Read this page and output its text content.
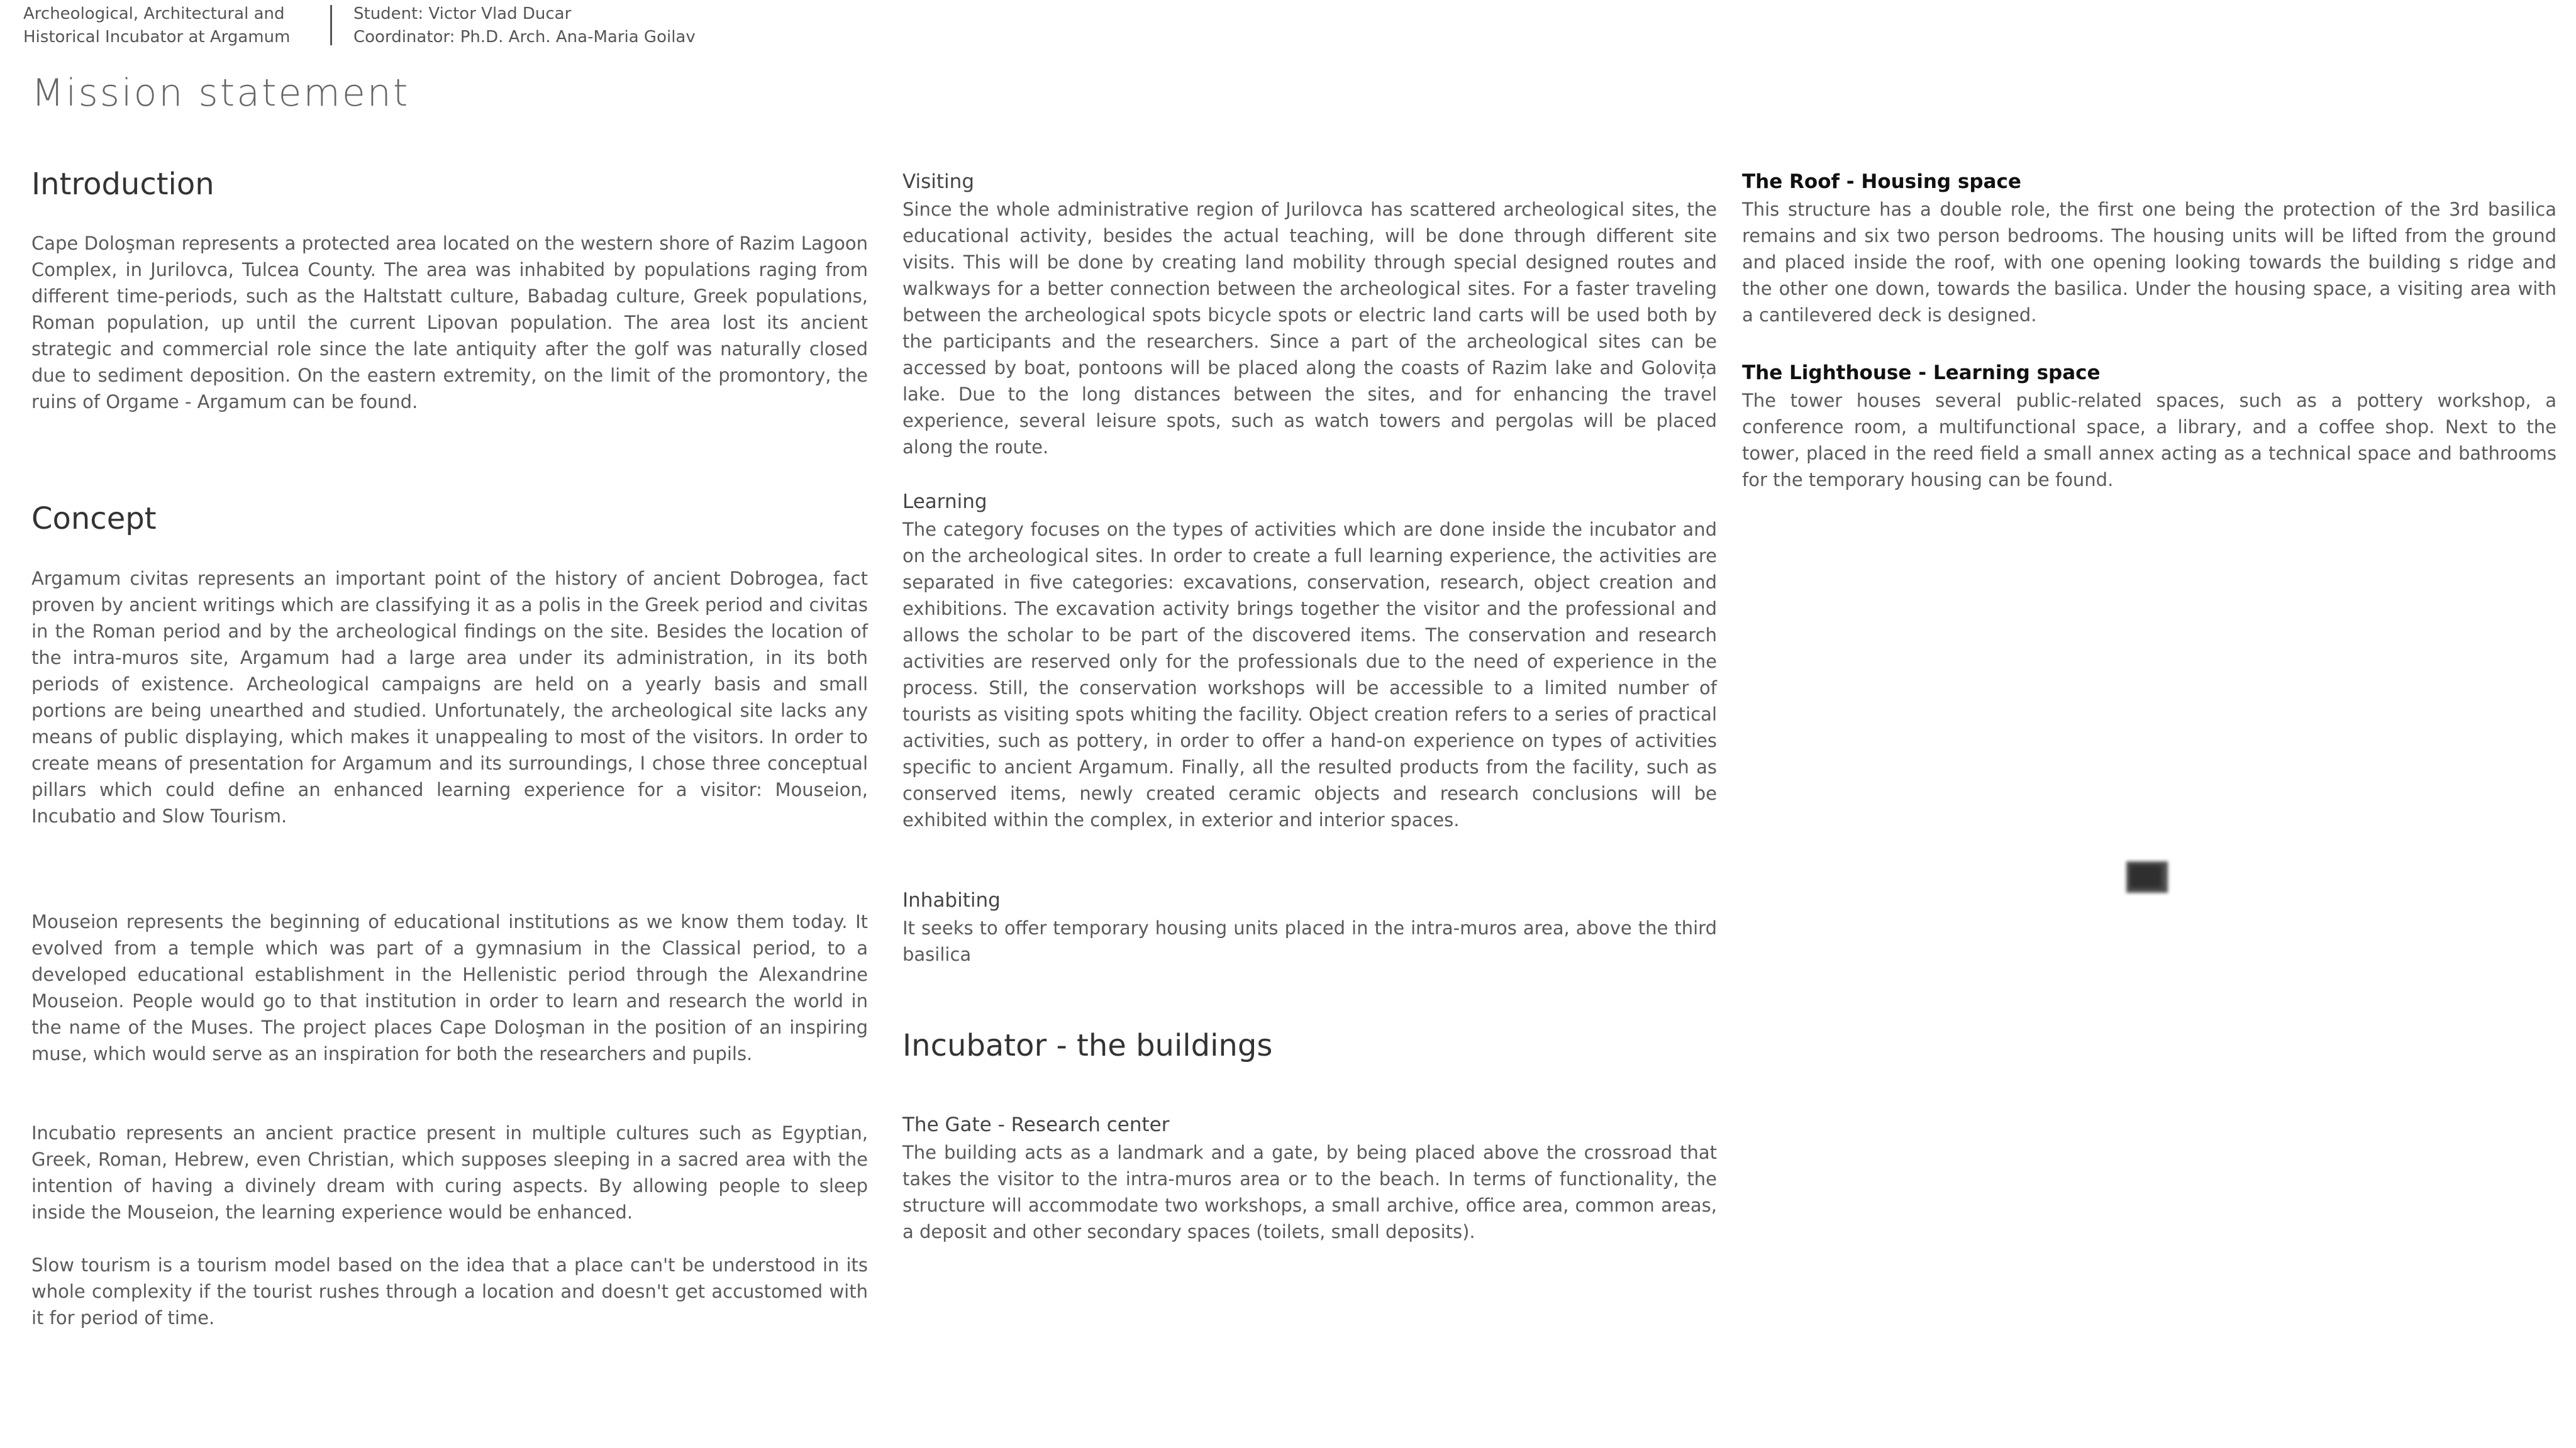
Archeological, Architectural and
Historical Incubator at Argamum
Student: Victor Vlad Ducar
Coordinator: Ph.D. Arch. Ana-Maria Goilav
Mission statement
Introduction

Cape Doloşman represents a protected area located on the western shore of Razim Lagoon Complex, in Jurilovca, Tulcea County. The area was inhabited by populations raging from different time-periods, such as the Haltstatt culture, Babadag culture, Greek populations, Roman population, up until the current Lipovan population. The area lost its ancient strategic and commercial role since the late antiquity after the golf was naturally closed due to sediment deposition. On the eastern extremity, on the limit of the promontory, the ruins of Orgame - Argamum can be found.

Concept

Argamum civitas represents an important point of the history of ancient Dobrogea, fact proven by ancient writings which are classifying it as a polis in the Greek period and civitas in the Roman period and by the archeological findings on the site. Besides the location of the intra-muros site, Argamum had a large area under its administration, in its both periods of existence. Archeological campaigns are held on a yearly basis and small portions are being unearthed and studied. Unfortunately, the archeological site lacks any means of public displaying, which makes it unappealing to most of the visitors. In order to create means of presentation for Argamum and its surroundings, I chose three conceptual pillars which could define an enhanced learning experience for a visitor: Mouseion, Incubatio and Slow Tourism.

Mouseion represents the beginning of educational institutions as we know them today. It evolved from a temple which was part of a gymnasium in the Classical period, to a developed educational establishment in the Hellenistic period through the Alexandrine Mouseion. People would go to that institution in order to learn and research the world in the name of the Muses. The project places Cape Doloşman in the position of an inspiring muse, which would serve as an inspiration for both the researchers and pupils.

Incubatio represents an ancient practice present in multiple cultures such as Egyptian, Greek, Roman, Hebrew, even Christian, which supposes sleeping in a sacred area with the intention of having a divinely dream with curing aspects. By allowing people to sleep inside the Mouseion, the learning experience would be enhanced.

Slow tourism is a tourism model based on the idea that a place can't be understood in its whole complexity if the tourist rushes through a location and doesn't get accustomed with it for period of time.

Visiting

Since the whole administrative region of Jurilovca has scattered archeological sites, the educational activity, besides the actual teaching, will be done through different site visits. This will be done by creating land mobility through special designed routes and walkways for a better connection between the archeological sites. For a faster traveling between the archeological spots bicycle spots or electric land carts will be used both by the participants and the researchers. Since a part of the archeological sites can be accessed by boat, pontoons will be placed along the coasts of Razim lake and Golovița lake. Due to the long distances between the sites, and for enhancing the travel experience, several leisure spots, such as watch towers and pergolas will be placed along the route.

Learning

The category focuses on the types of activities which are done inside the incubator and on the archeological sites. In order to create a full learning experience, the activities are separated in five categories: excavations, conservation, research, object creation and exhibitions. The excavation activity brings together the visitor and the professional and allows the scholar to be part of the discovered items. The conservation and research activities are reserved only for the professionals due to the need of experience in the process. Still, the conservation workshops will be accessible to a limited number of tourists as visiting spots whiting the facility. Object creation refers to a series of practical activities, such as pottery, in order to offer a hand-on experience on types of activities specific to ancient Argamum. Finally, all the resulted products from the facility, such as conserved items, newly created ceramic objects and research conclusions will be exhibited within the complex, in exterior and interior spaces.

Inhabiting

It seeks to offer temporary housing units placed in the intra-muros area, above the third basilica

Incubator - the buildings
The Gate - Research center

The building acts as a landmark and a gate, by being placed above the crossroad that takes the visitor to the intra-muros area or to the beach. In terms of functionality, the structure will accommodate two workshops, a small archive, office area, common areas, a deposit and other secondary spaces (toilets, small deposits).

The Roof - Housing space

This structure has a double role, the first one being the protection of the 3rd basilica remains and six two person bedrooms. The housing units will be lifted from the ground and placed inside the roof, with one opening looking towards the building s ridge and the other one down, towards the basilica. Under the housing space, a visiting area with a cantilevered deck is designed.

The Lighthouse - Learning space

The tower houses several public-related spaces, such as a pottery workshop, a conference room, a multifunctional space, a library, and a coffee shop. Next to the tower, placed in the reed field a small annex acting as a technical space and bathrooms for the temporary housing can be found.
